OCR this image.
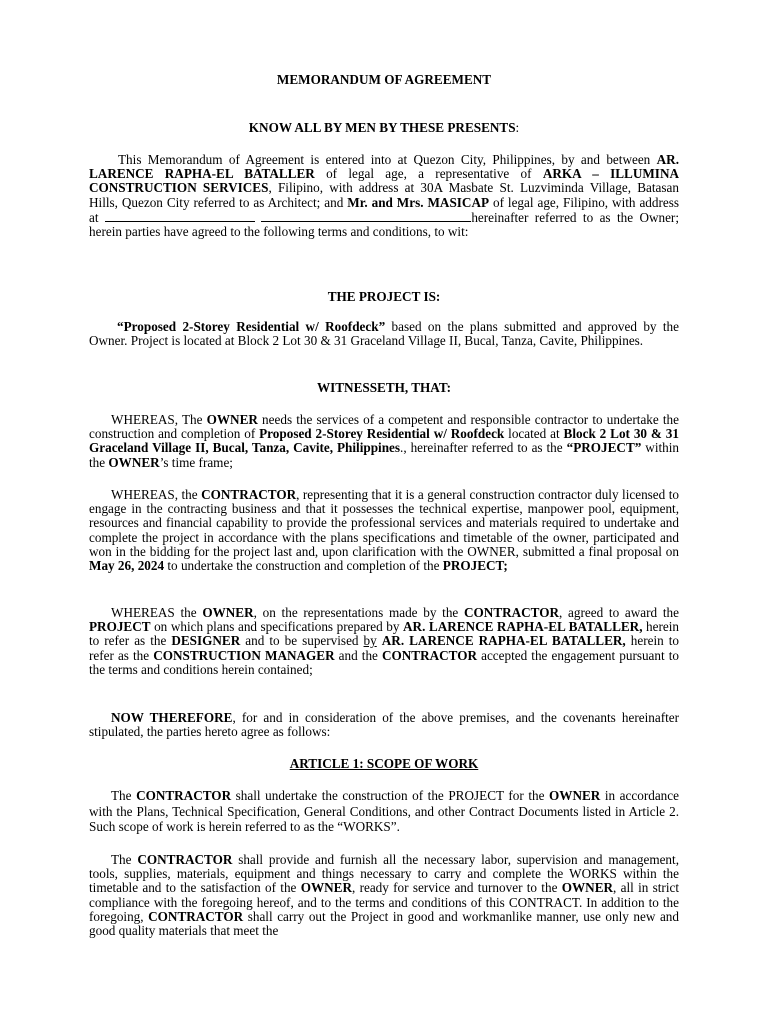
MEMORANDUM OF AGREEMENT
KNOW ALL BY MEN BY THESE PRESENTS:
This Memorandum of Agreement is entered into at Quezon City, Philippines, by and between AR. LARENCE RAPHA-EL BATALLER of legal age, a representative of ARKA – ILLUMINA CONSTRUCTION SERVICES, Filipino, with address at 30A Masbate St. Luzviminda Village, Batasan Hills, Quezon City referred to as Architect; and Mr. and Mrs. MASICAP of legal age, Filipino, with address at	hereinafter referred to as the Owner; herein parties have agreed to the following terms and conditions, to wit:
THE PROJECT IS:
“Proposed 2-Storey Residential w/ Roofdeck” based on the plans submitted and approved by the Owner. Project is located at Block 2 Lot 30 & 31 Graceland Village II, Bucal, Tanza, Cavite, Philippines.
WITNESSETH, THAT:
WHEREAS, The OWNER needs the services of a competent and responsible contractor to undertake the construction and completion of Proposed 2-Storey Residential w/ Roofdeck located at Block 2 Lot 30 & 31 Graceland Village II, Bucal, Tanza, Cavite, Philippines., hereinafter referred to as the “PROJECT” within the OWNER’s time frame;
WHEREAS, the CONTRACTOR, representing that it is a general construction contractor duly licensed to engage in the contracting business and that it possesses the technical expertise, manpower pool, equipment, resources and financial capability to provide the professional services and materials required to undertake and complete the project in accordance with the plans specifications and timetable of the owner, participated and won in the bidding for the project last and, upon clarification with the OWNER, submitted a final proposal on May 26, 2024 to undertake the construction and completion of the PROJECT;
WHEREAS the OWNER, on the representations made by the CONTRACTOR, agreed to award the PROJECT on which plans and specifications prepared by AR. LARENCE RAPHA-EL BATALLER, herein to refer as the DESIGNER and to be supervised by AR. LARENCE RAPHA-EL BATALLER, herein to refer as the CONSTRUCTION MANAGER and the CONTRACTOR accepted the engagement pursuant to the terms and conditions herein contained;
NOW THEREFORE, for and in consideration of the above premises, and the covenants hereinafter stipulated, the parties hereto agree as follows:
ARTICLE 1: SCOPE OF WORK
The CONTRACTOR shall undertake the construction of the PROJECT for the OWNER in accordance with the Plans, Technical Specification, General Conditions, and other Contract Documents listed in Article 2. Such scope of work is herein referred to as the “WORKS”.
The CONTRACTOR shall provide and furnish all the necessary labor, supervision and management, tools, supplies, materials, equipment and things necessary to carry and complete the WORKS within the timetable and to the satisfaction of the OWNER, ready for service and turnover to the OWNER, all in strict compliance with the foregoing hereof, and to the terms and conditions of this CONTRACT. In addition to the foregoing, CONTRACTOR shall carry out the Project in good and workmanlike manner, use only new and good quality materials that meet the
